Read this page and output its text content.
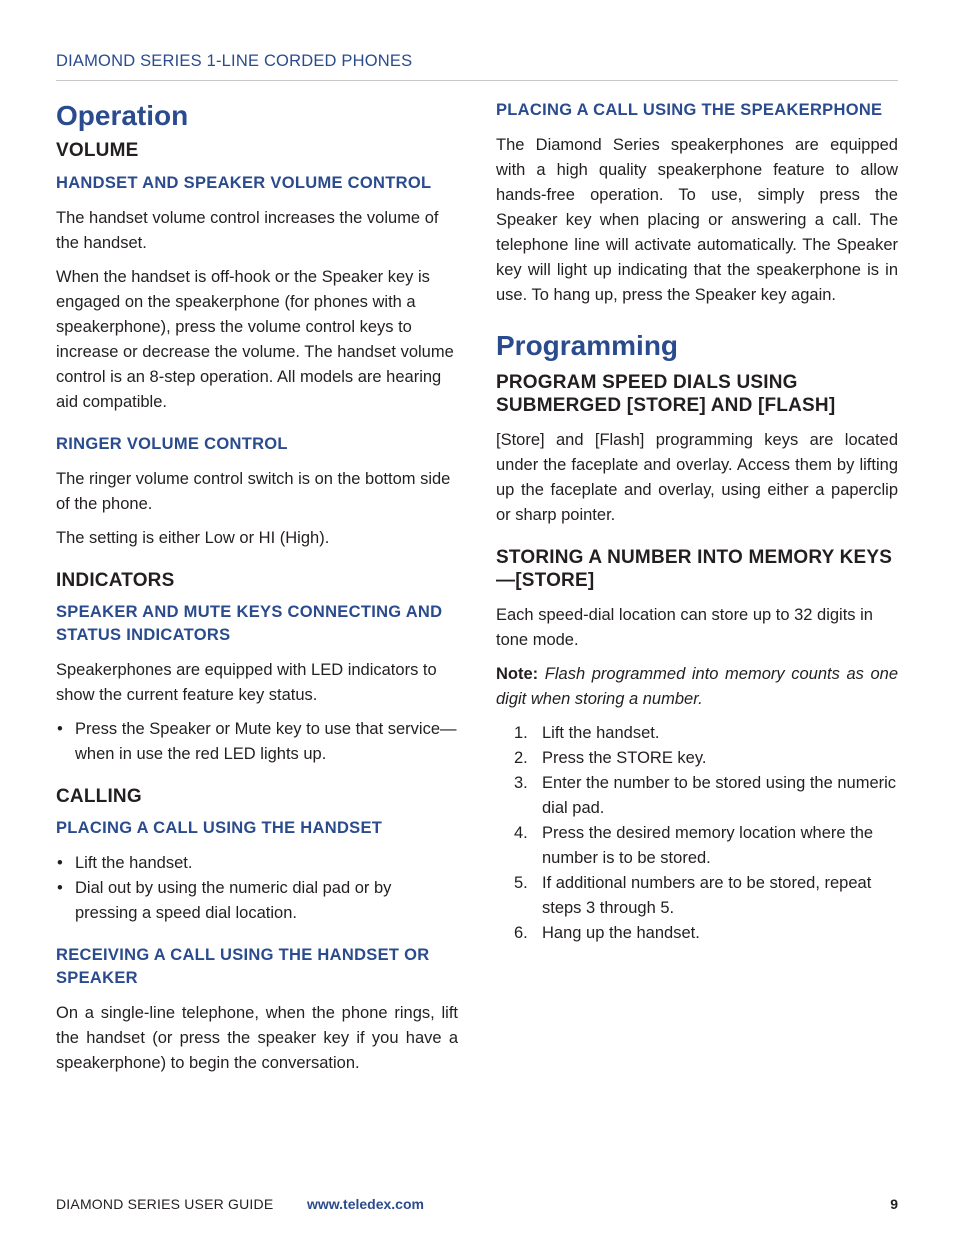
DIAMOND SERIES 1-LINE CORDED PHONES
Operation
VOLUME
HANDSET AND SPEAKER VOLUME CONTROL

The handset volume control increases the volume of the handset.

When the handset is off-hook or the Speaker key is engaged on the speakerphone (for phones with a speakerphone), press the volume control keys to increase or decrease the volume. The handset volume control is an 8-step operation. All models are hearing aid compatible.

RINGER VOLUME CONTROL

The ringer volume control switch is on the bottom side of the phone.

The setting is either Low or HI (High).

INDICATORS
SPEAKER AND MUTE KEYS CONNECTING AND STATUS INDICATORS

Speakerphones are equipped with LED indicators to show the current feature key status.

• Press the Speaker or Mute key to use that service—when in use the red LED lights up.
CALLING
PLACING A CALL USING THE HANDSET
• Lift the handset.
• Dial out by using the numeric dial pad or by pressing a speed dial location.
RECEIVING A CALL USING THE HANDSET OR SPEAKER

On a single-line telephone, when the phone rings, lift the handset (or press the speaker key if you have a speakerphone) to begin the conversation.

PLACING A CALL USING THE SPEAKERPHONE

The Diamond Series speakerphones are equipped with a high quality speakerphone feature to allow hands-free operation. To use, simply press the Speaker key when placing or answering a call. The telephone line will activate automatically. The Speaker key will light up indicating that the speakerphone is in use. To hang up, press the Speaker key again.

Programming
PROGRAM SPEED DIALS USING SUBMERGED [STORE] AND [FLASH]

[Store] and [Flash] programming keys are located under the faceplate and overlay. Access them by lifting up the faceplate and overlay, using either a paperclip or sharp pointer.

STORING A NUMBER INTO MEMORY KEYS—[STORE]

Each speed-dial location can store up to 32 digits in tone mode.

Note: Flash programmed into memory counts as one digit when storing a number.

1. Lift the handset.
2. Press the STORE key.
3. Enter the number to be stored using the numeric dial pad.
4. Press the desired memory location where the number is to be stored.
5. If additional numbers are to be stored, repeat steps 3 through 5.
6. Hang up the handset.
DIAMOND SERIES USER GUIDE www.teledex.com	9
